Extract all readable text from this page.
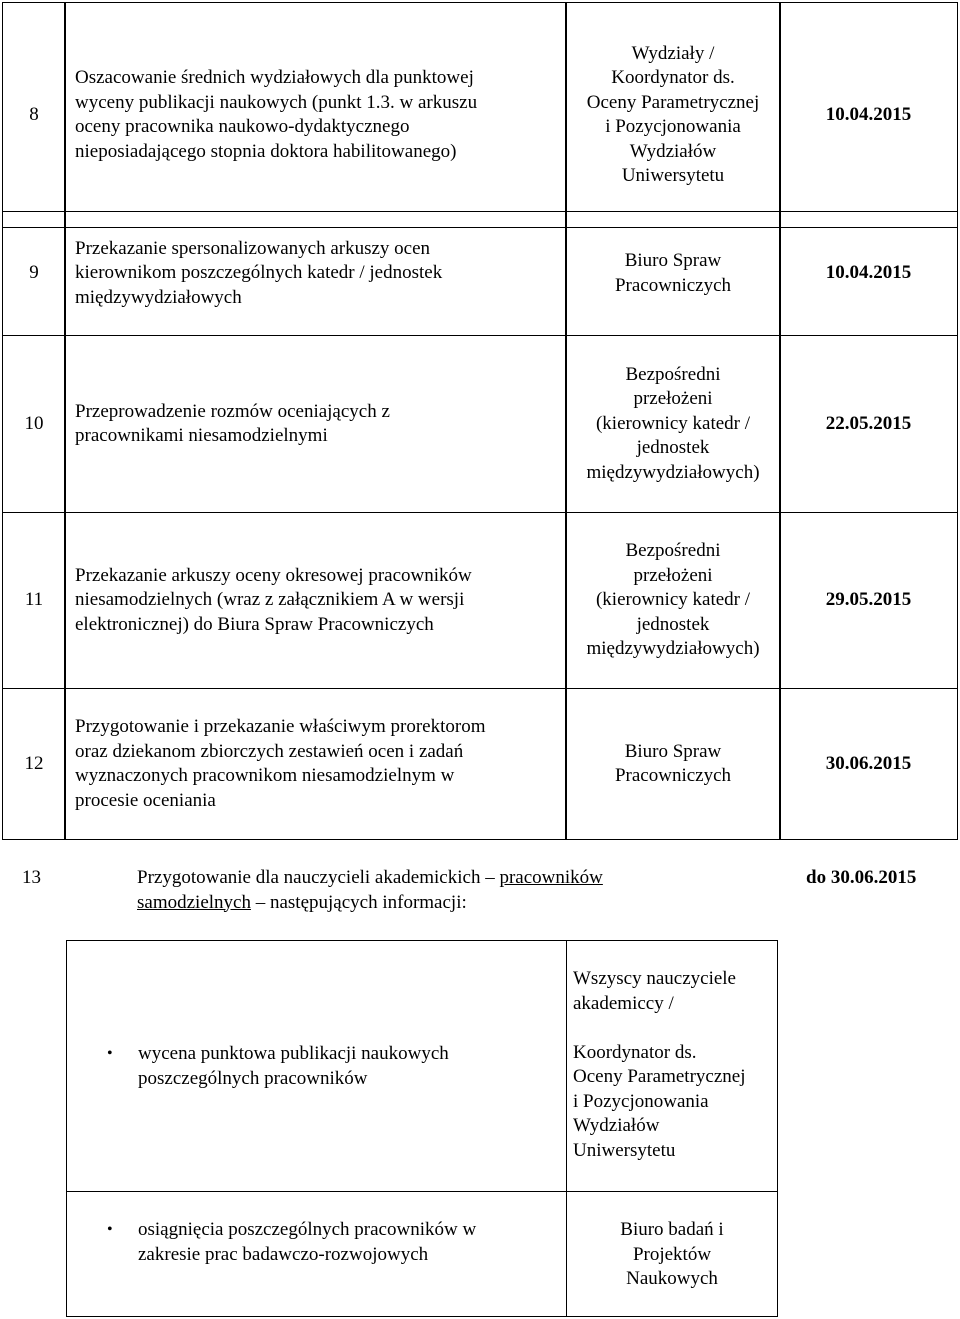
8
Oszacowanie średnich wydziałowych dla punktowej
wyceny publikacji naukowych (punkt 1.3. w arkuszu
oceny pracownika naukowo-dydaktycznego
nieposiadającego stopnia doktora habilitowanego)
Wydziały /
Koordynator ds.
Oceny Parametrycznej
i Pozycjonowania
Wydziałów
Uniwersytetu
10.04.2015
9
Przekazanie spersonalizowanych arkuszy ocen
kierownikom poszczególnych katedr / jednostek
międzywydziałowych
Biuro Spraw
Pracowniczych
10.04.2015
10
Przeprowadzenie rozmów oceniających z
pracownikami niesamodzielnymi
Bezpośredni
przełożeni
(kierownicy katedr /
jednostek
międzywydziałowych)
22.05.2015
11
Przekazanie arkuszy oceny okresowej pracowników
niesamodzielnych (wraz z załącznikiem A w wersji
elektronicznej) do Biura Spraw Pracowniczych
Bezpośredni
przełożeni
(kierownicy katedr /
jednostek
międzywydziałowych)
29.05.2015
12
Przygotowanie i przekazanie właściwym prorektorom
oraz dziekanom zbiorczych zestawień ocen i zadań
wyznaczonych pracownikom niesamodzielnym w
procesie oceniania
Biuro Spraw
Pracowniczych
30.06.2015
13	Przygotowanie dla nauczycieli akademickich – pracowników
samodzielnych – następujących informacji:
do 30.06.2015
• wycena punktowa publikacji naukowych
poszczególnych pracowników
Wszyscy nauczyciele
akademiccy /

Koordynator ds.
Oceny Parametrycznej
i Pozycjonowania
Wydziałów
Uniwersytetu
• osiągnięcia poszczególnych pracowników w
zakresie prac badawczo-rozwojowych
Biuro badań i
Projektów
Naukowych
